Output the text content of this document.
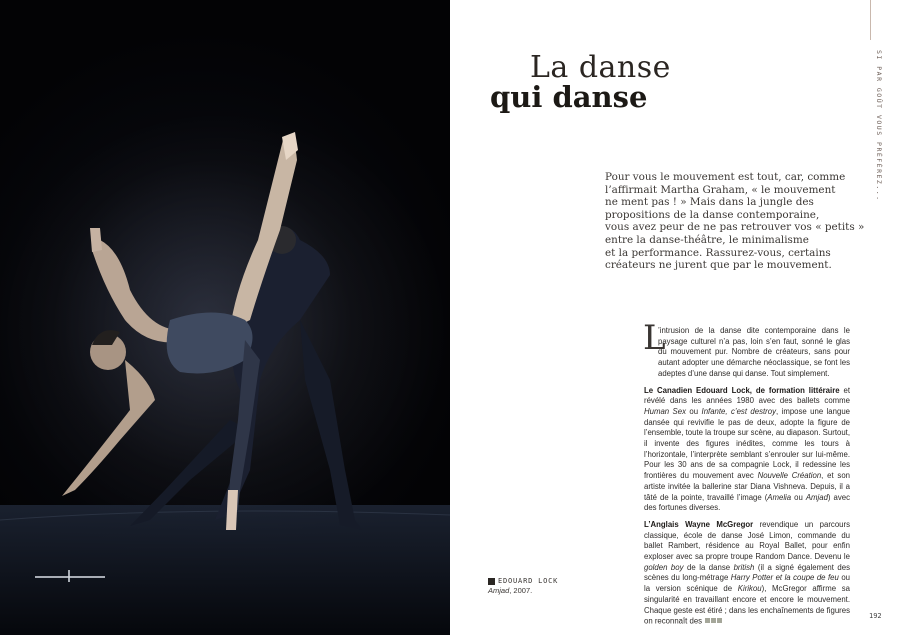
SI PAR GOÛT VOUS PRÉFÉREZ...
La danse
qui danse
Pour vous le mouvement est tout, car, comme
l’affirmait Martha Graham, « le mouvement
ne ment pas ! » Mais dans la jungle des
propositions de la danse contemporaine,
vous avez peur de ne pas retrouver vos « petits »
entre la danse-théâtre, le minimalisme
et la performance. Rassurez-vous, certains
créateurs ne jurent que par le mouvement.
L

’intrusion de la danse dite contemporaine dans le paysage culturel n’a pas, loin s’en faut, sonné le glas du mouvement pur. Nombre de créateurs, sans pour autant adopter une démarche néoclassique, se font les adeptes d’une danse qui danse. Tout simplement.

Le Canadien Edouard Lock, de formation littéraire et révélé dans les années 1980 avec des ballets comme Human Sex ou Infante, c’est destroy, impose une langue dansée qui revivifie le pas de deux, adopte la figure de l’ensemble, toute la troupe sur scène, au diapason. Surtout, il invente des figures inédites, comme les tours à l’horizontale, l’interprète semblant s’enrouler sur lui-même. Pour les 30 ans de sa compagnie Lock, il redessine les frontières du mouvement avec Nouvelle Création, et son artiste invitée la ballerine star Diana Vishneva. Depuis, il a tâté de la pointe, travaillé l’image (Amelia ou Amjad) avec des fortunes diverses.

L’Anglais Wayne McGregor revendique un parcours classique, école de danse José Limon, commande du ballet Rambert, résidence au Royal Ballet, pour enfin exploser avec sa propre troupe Random Dance. Devenu le golden boy de la danse british (il a signé également des scènes du long-métrage Harry Potter et la coupe de feu ou la version scénique de Kirikou), McGregor affirme sa singularité en travaillant encore et encore le mouvement. Chaque geste est étiré ; dans les enchaînements de figures on reconnaît des

EDOUARD LOCK
Amjad, 2007.
192
